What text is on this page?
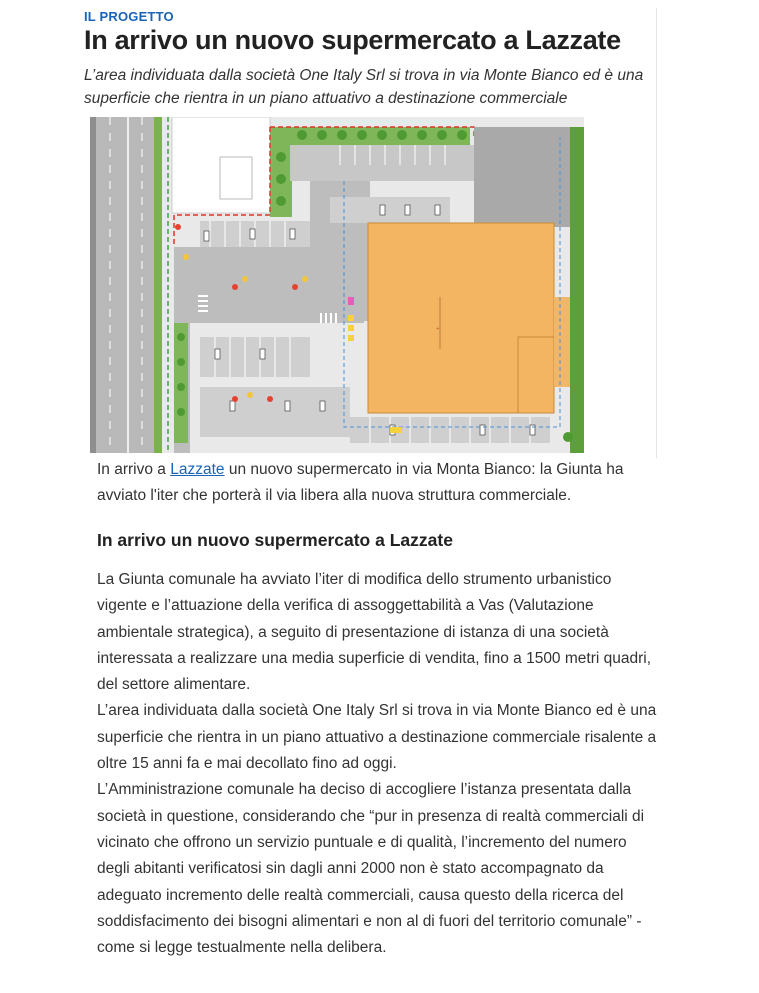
IL PROGETTO
In arrivo un nuovo supermercato a Lazzate

L’area individuata dalla società One Italy Srl si trova in via Monte Bianco ed è una superficie che rientra in un piano attuativo a destinazione commerciale

+

In arrivo a Lazzate un nuovo supermercato in via Monta Bianco: la Giunta ha avviato l'iter che porterà il via libera alla nuova struttura commerciale.

In arrivo un nuovo supermercato a Lazzate
La Giunta comunale ha avviato l’iter di modifica dello strumento urbanistico vigente e l’attuazione della verifica di assoggettabilità a Vas (Valutazione ambientale strategica), a seguito di presentazione di istanza di una società interessata a realizzare una media superficie di vendita, fino a 1500 metri quadri, del settore alimentare.
L’area individuata dalla società One Italy Srl si trova in via Monte Bianco ed è una superficie che rientra in un piano attuativo a destinazione commerciale risalente a oltre 15 anni fa e mai decollato fino ad oggi.
L’Amministrazione comunale ha deciso di accogliere l’istanza presentata dalla società in questione, considerando che “pur in presenza di realtà commerciali di vicinato che offrono un servizio puntuale e di qualità, l’incremento del numero degli abitanti verificatosi sin dagli anni 2000 non è stato accompagnato da adeguato incremento delle realtà commerciali, causa questo della ricerca del soddisfacimento dei bisogni alimentari e non al di fuori del territorio comunale” -come si legge testualmente nella delibera.
